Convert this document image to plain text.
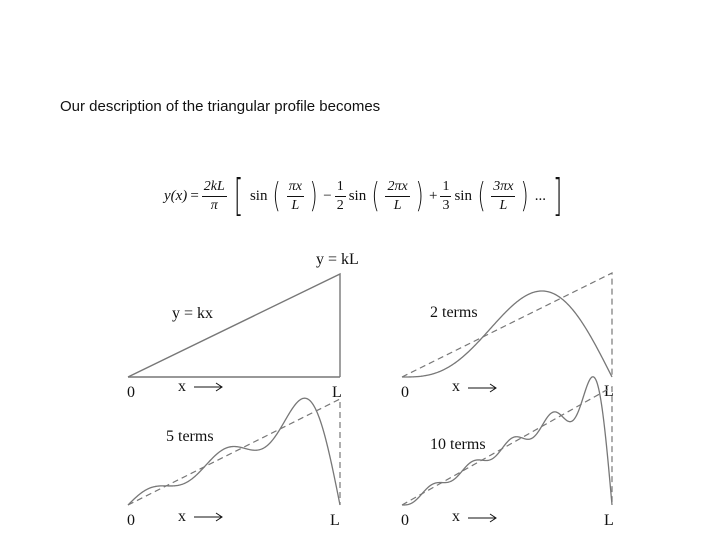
Our description of the triangular profile becomes

$y(x) = \frac{2kL}{\pi}$ [ sin ( $\frac{\pi x}{L}$ ) − $\frac{1}{2}$ sin ( $\frac{2\pi x}{L}$ ) + $\frac{1}{3}$ sin ( $\frac{3\pi x}{L}$ ) ... ]
y = kL
y = kx
0	x	L
2 terms
0	x	L
5 terms
0	x	L
10 terms
0	x	L
